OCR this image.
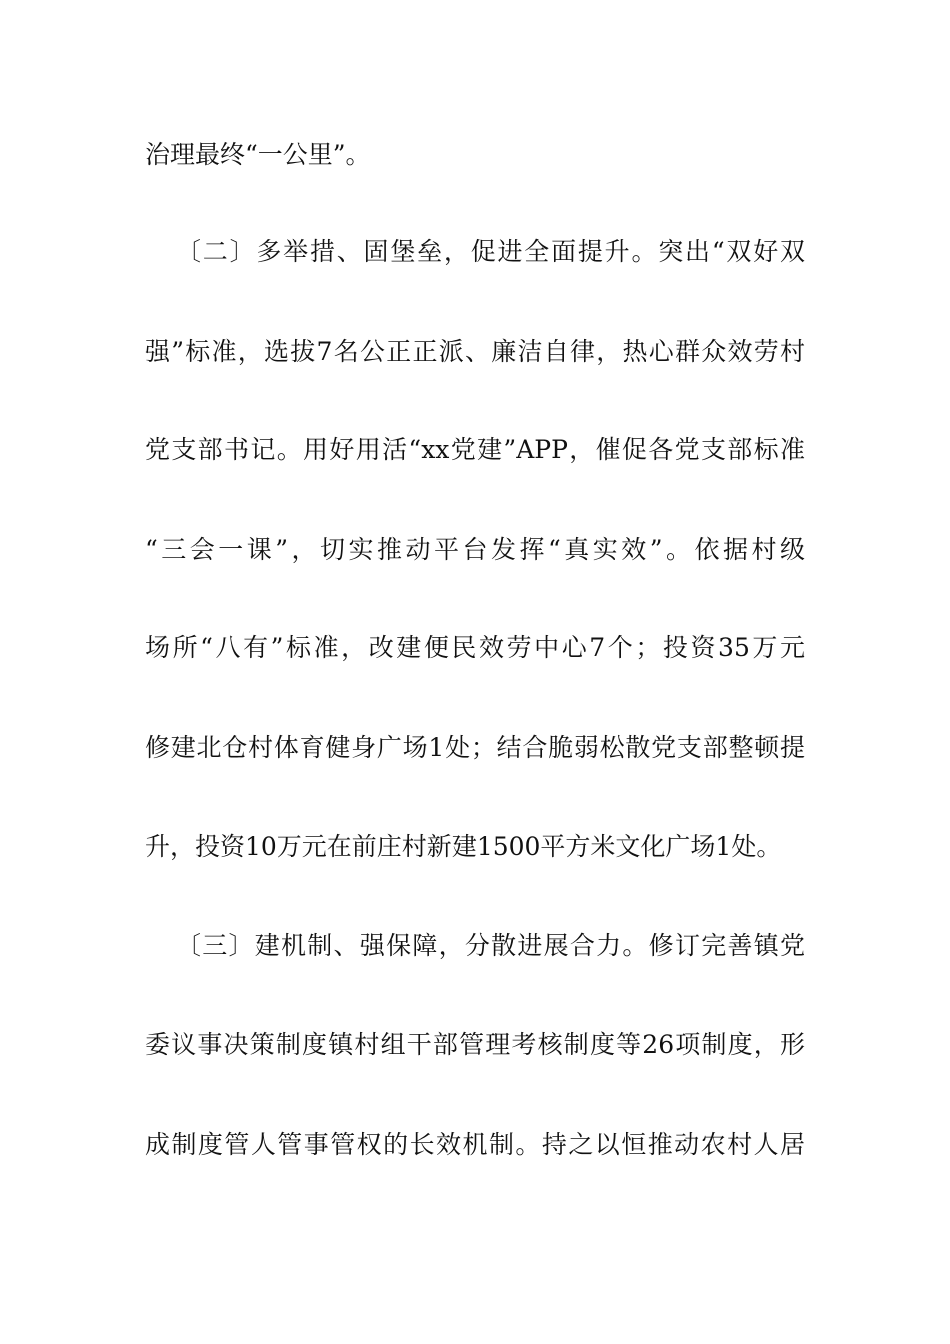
治理最终“一公里”。
〔二〕多举措、固堡垒，促进全面提升。突出“双好双
强”标准，选拔7名公正正派、廉洁自律，热心群众效劳村
党支部书记。用好用活“xx党建”APP，催促各党支部标准
“三会一课”，切实推动平台发挥“真实效”。依据村级
场所“八有”标准，改建便民效劳中心7个；投资35万元
修建北仓村体育健身广场1处；结合脆弱松散党支部整顿提
升，投资10万元在前庄村新建1500平方米文化广场1处。
〔三〕建机制、强保障，分散进展合力。修订完善镇党
委议事决策制度镇村组干部管理考核制度等26项制度，形
成制度管人管事管权的长效机制。持之以恒推动农村人居
